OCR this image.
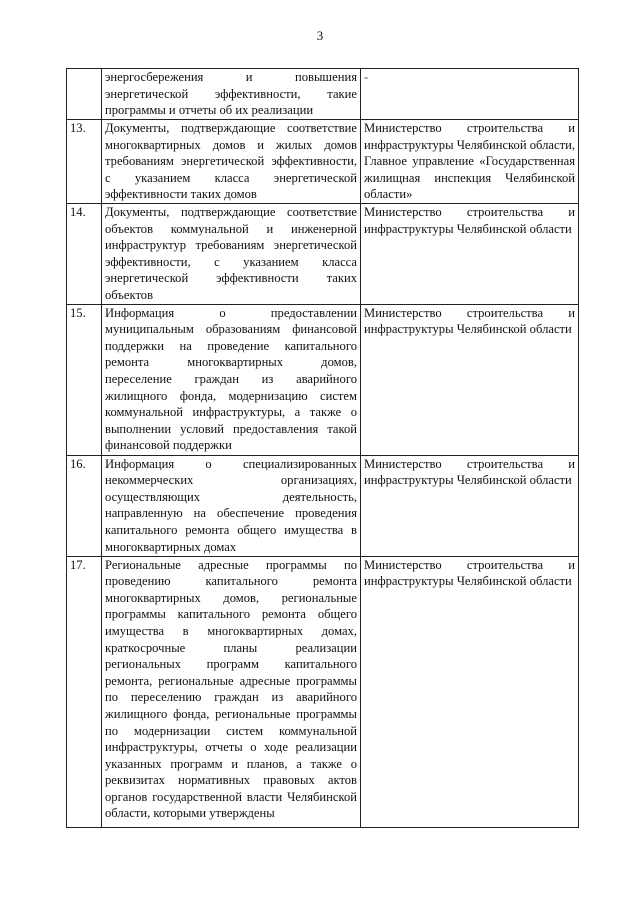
3
	энергосбережения и повышения энергетической эффективности, такие программы и отчеты об их реализации	-
13.	Документы, подтверждающие соответствие многоквартирных домов и жилых домов требованиям энергетической эффективности, с указанием класса энергетической эффективности таких домов	Министерство строительства и инфраструктуры Челябинской области, Главное управление «Государственная жилищная инспекция Челябинской области»
14.	Документы, подтверждающие соответствие объектов коммунальной и инженерной инфраструктур требованиям энергетической эффективности, с указанием класса энергетической эффективности таких объектов	Министерство строительства и инфраструктуры Челябинской области
15.	Информация о предоставлении муниципальным образованиям финансовой поддержки на проведение капитального ремонта многоквартирных домов, переселение граждан из аварийного жилищного фонда, модернизацию систем коммунальной инфраструктуры, а также о выполнении условий предоставления такой финансовой поддержки	Министерство строительства и инфраструктуры Челябинской области
16.	Информация о специализированных некоммерческих организациях, осуществляющих деятельность, направленную на обеспечение проведения капитального ремонта общего имущества в многоквартирных домах	Министерство строительства и инфраструктуры Челябинской области
17.	Региональные адресные программы по проведению капитального ремонта многоквартирных домов, региональные программы капитального ремонта общего имущества в многоквартирных домах, краткосрочные планы реализации региональных программ капитального ремонта, региональные адресные программы по переселению граждан из аварийного жилищного фонда, региональные программы по модернизации систем коммунальной инфраструктуры, отчеты о ходе реализации указанных программ и планов, а также о реквизитах нормативных правовых актов органов государственной власти Челябинской области, которыми утверждены	Министерство строительства и инфраструктуры Челябинской области
